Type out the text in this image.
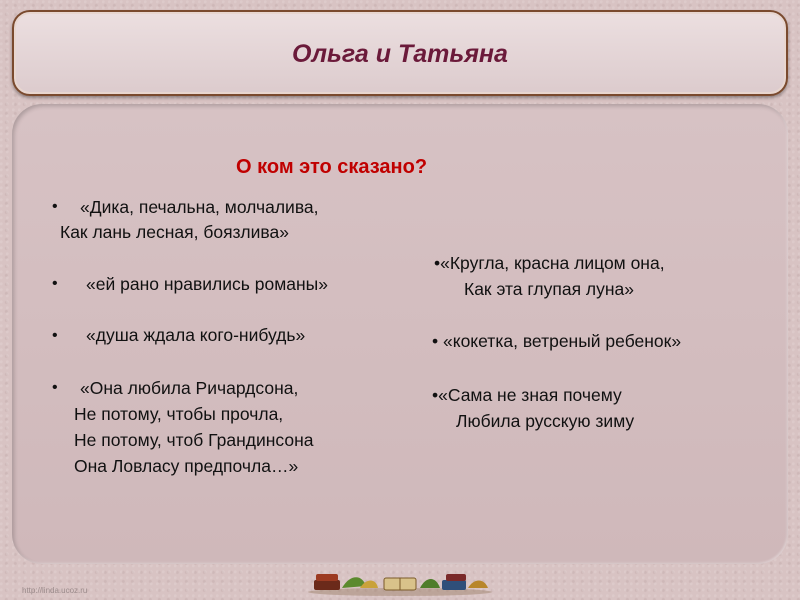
Ольга и Татьяна
О ком это сказано?
• «Дика, печальна, молчалива,
Как лань лесная, боязлива»
• «ей рано нравились романы»
• «душа ждала кого-нибудь»
• «Она любила Ричардсона,
Не потому, чтобы прочла,
Не потому, чтоб Грандинсона
Она Ловласу предпочла…»
•«Кругла, красна лицом она,
Как эта глупая луна»
• «кокетка, ветреный ребенок»
•«Сама не зная почему
Любила русскую зиму
http://linda.ucoz.ru
